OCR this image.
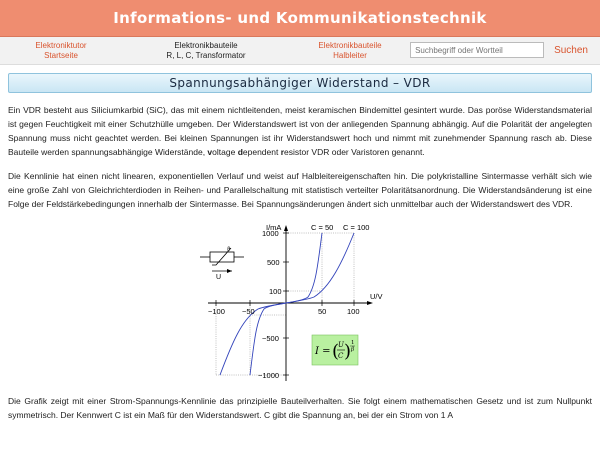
Informations- und Kommunikationstechnik
Elektroniktutor
Startseite
Elektronikbauteile
R, L, C, Transformator
Elektronikbauteile
Halbleiter
Suchbegriff oder Wortteil	Suchen
Spannungsabhängiger Widerstand – VDR

Ein VDR besteht aus Siliciumkarbid (SiC), das mit einem nichtleitenden, meist keramischen Bindemittel gesintert wurde. Das poröse Widerstandsmaterial ist gegen Feuchtigkeit mit einer Schutzhülle umgeben. Der Widerstandswert ist von der anliegenden Spannung abhängig. Auf die Polarität der angelegten Spannung muss nicht geachtet werden. Bei kleinen Spannungen ist ihr Widerstandswert hoch und nimmt mit zunehmender Spannung rasch ab. Diese Bauteile werden spannungsabhängige Widerstände, voltage dependent resistor VDR oder Varistoren genannt.

Die Kennlinie hat einen nicht linearen, exponentiellen Verlauf und weist auf Halbleitereigenschaften hin. Die polykristalline Sintermasse verhält sich wie eine große Zahl von Gleichrichterdioden in Reihen- und Parallelschaltung mit statistisch verteilter Polaritätsanordnung. Die Widerstandsänderung ist eine Folge der Feldstärkebedingungen innerhalb der Sintermasse. Bei Spannungsänderungen ändert sich unmittelbar auch der Widerstandswert des VDR.

I/mA
U/V
1000
500
100
−500
−1000
−100 −50	50	100
C = 50 C = 100
ϑ
U
I = (
U
C ) 1
β

Die Grafik zeigt mit einer Strom-Spannungs-Kennlinie das prinzipielle Bauteilverhalten. Sie folgt einem mathematischen Gesetz und ist zum Nullpunkt symmetrisch. Der Kennwert C ist ein Maß für den Widerstandswert. C gibt die Spannung an, bei der ein Strom von 1 A
